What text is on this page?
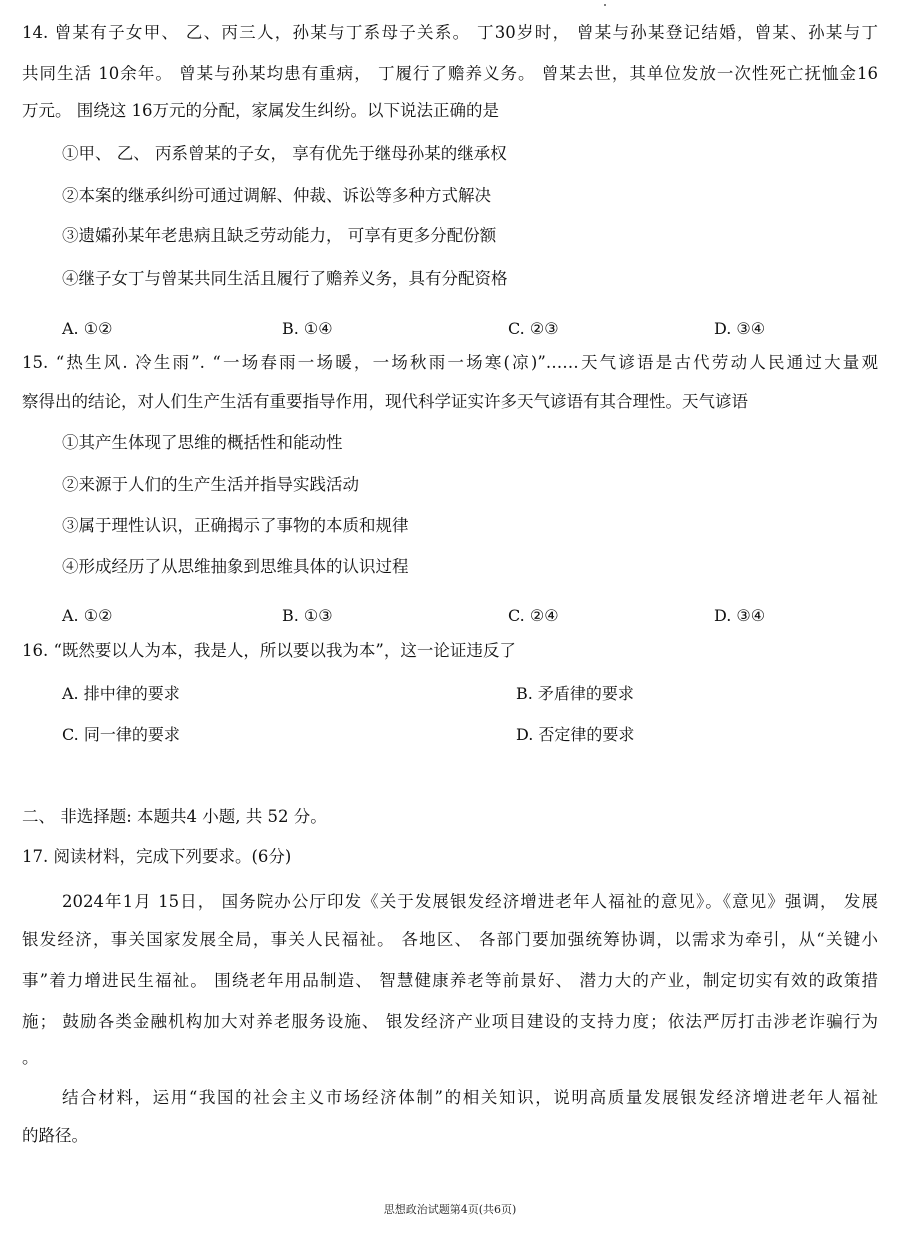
14. 曾某有子女甲、 乙、丙三人，孙某与丁系母子关系。 丁30岁时， 曾某与孙某登记结婚，曾某、孙某与丁
共同生活 10余年。 曾某与孙某均患有重病， 丁履行了赡养义务。 曾某去世，其单位发放一次性死亡抚恤金16
万元。 围绕这 16万元的分配，家属发生纠纷。以下说法正确的是
①甲、 乙、 丙系曾某的子女， 享有优先于继母孙某的继承权
②本案的继承纠纷可通过调解、仲裁、诉讼等多种方式解决
③遗孀孙某年老患病且缺乏劳动能力， 可享有更多分配份额
④继子女丁与曾某共同生活且履行了赡养义务，具有分配资格
A. ①②	B. ①④	C. ②③	D. ③④
15. “热生风. 冷生雨”. “一场春雨一场暖，一场秋雨一场寒(凉)”……天气谚语是古代劳动人民通过大量观
察得出的结论，对人们生产生活有重要指导作用，现代科学证实许多天气谚语有其合理性。天气谚语
①其产生体现了思维的概括性和能动性
②来源于人们的生产生活并指导实践活动
③属于理性认识，正确揭示了事物的本质和规律
④形成经历了从思维抽象到思维具体的认识过程
A. ①②	B. ①③	C. ②④	D. ③④
16. “既然要以人为本，我是人，所以要以我为本”，这一论证违反了
A. 排中律的要求	B. 矛盾律的要求
C. 同一律的要求	D. 否定律的要求
二、 非选择题: 本题共4 小题, 共 52 分。
17. 阅读材料，完成下列要求。(6分)
2024年1月 15日， 国务院办公厅印发《关于发展银发经济增进老年人福祉的意见》。《意见》强调， 发展
银发经济，事关国家发展全局，事关人民福祉。 各地区、 各部门要加强统筹协调，以需求为牵引，从“关键小
事”着力增进民生福祉。 围绕老年用品制造、 智慧健康养老等前景好、 潜力大的产业，制定切实有效的政策措
施； 鼓励各类金融机构加大对养老服务设施、 银发经济产业项目建设的支持力度；依法严厉打击涉老诈骗行为
。
结合材料，运用“我国的社会主义市场经济体制”的相关知识，说明高质量发展银发经济增进老年人福祉
的路径。
思想政治试题第4页(共6页)
